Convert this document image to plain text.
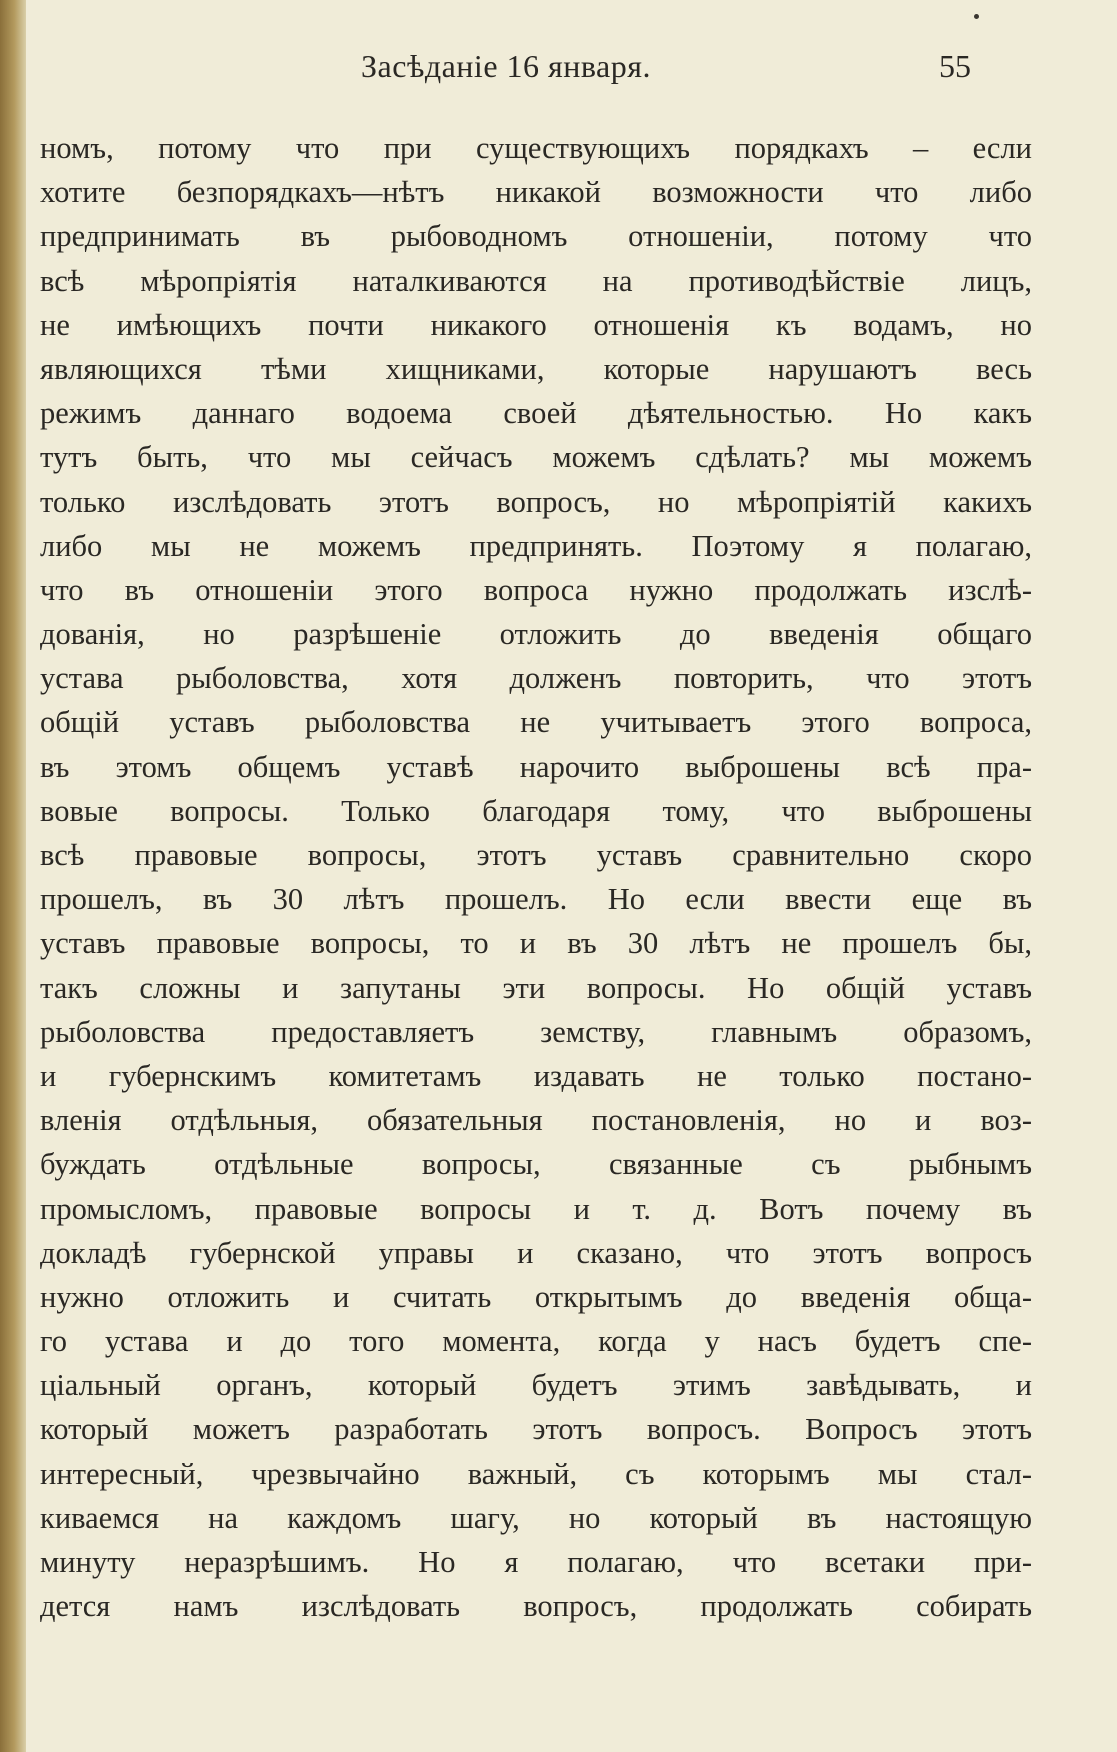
Засѣданіе 16 января.	55
номъ, потому что при существующихъ порядкахъ – если
хотите безпорядкахъ—нѣтъ никакой возможности что либо
предпринимать въ рыбоводномъ отношеніи, потому что
всѣ мѣропріятія наталкиваются на противодѣйствіе лицъ,
не имѣющихъ почти никакого отношенія къ водамъ, но
являющихся тѣми хищниками, которые нарушаютъ весь
режимъ даннаго водоема своей дѣятельностью. Но какъ
тутъ быть, что мы сейчасъ можемъ сдѣлать? мы можемъ
только изслѣдовать этотъ вопросъ, но мѣропріятій какихъ
либо мы не можемъ предпринять. Поэтому я полагаю,
что въ отношеніи этого вопроса нужно продолжать изслѣ-
дованія, но разрѣшеніе отложить до введенія общаго
устава рыболовства, хотя долженъ повторить, что этотъ
общій уставъ рыболовства не учитываетъ этого вопроса,
въ этомъ общемъ уставѣ нарочито выброшены всѣ пра-
вовые вопросы. Только благодаря тому, что выброшены
всѣ правовые вопросы, этотъ уставъ сравнительно скоро
прошелъ, въ 30 лѣтъ прошелъ. Но если ввести еще въ
уставъ правовые вопросы, то и въ 30 лѣтъ не прошелъ бы,
такъ сложны и запутаны эти вопросы. Но общій уставъ
рыболовства предоставляетъ земству, главнымъ образомъ,
и губернскимъ комитетамъ издавать не только постано-
вленія отдѣльныя, обязательныя постановленія, но и воз-
буждать отдѣльные вопросы, связанные съ рыбнымъ
промысломъ, правовые вопросы и т. д. Вотъ почему въ
докладѣ губернской управы и сказано, что этотъ вопросъ
нужно отложить и считать открытымъ до введенія обща-
го устава и до того момента, когда у насъ будетъ спе-
ціальный органъ, который будетъ этимъ завѣдывать, и
который можетъ разработать этотъ вопросъ. Вопросъ этотъ
интересный, чрезвычайно важный, съ которымъ мы стал-
киваемся на каждомъ шагу, но который въ настоящую
минуту неразрѣшимъ. Но я полагаю, что всетаки при-
дется намъ изслѣдовать вопросъ, продолжать собирать
